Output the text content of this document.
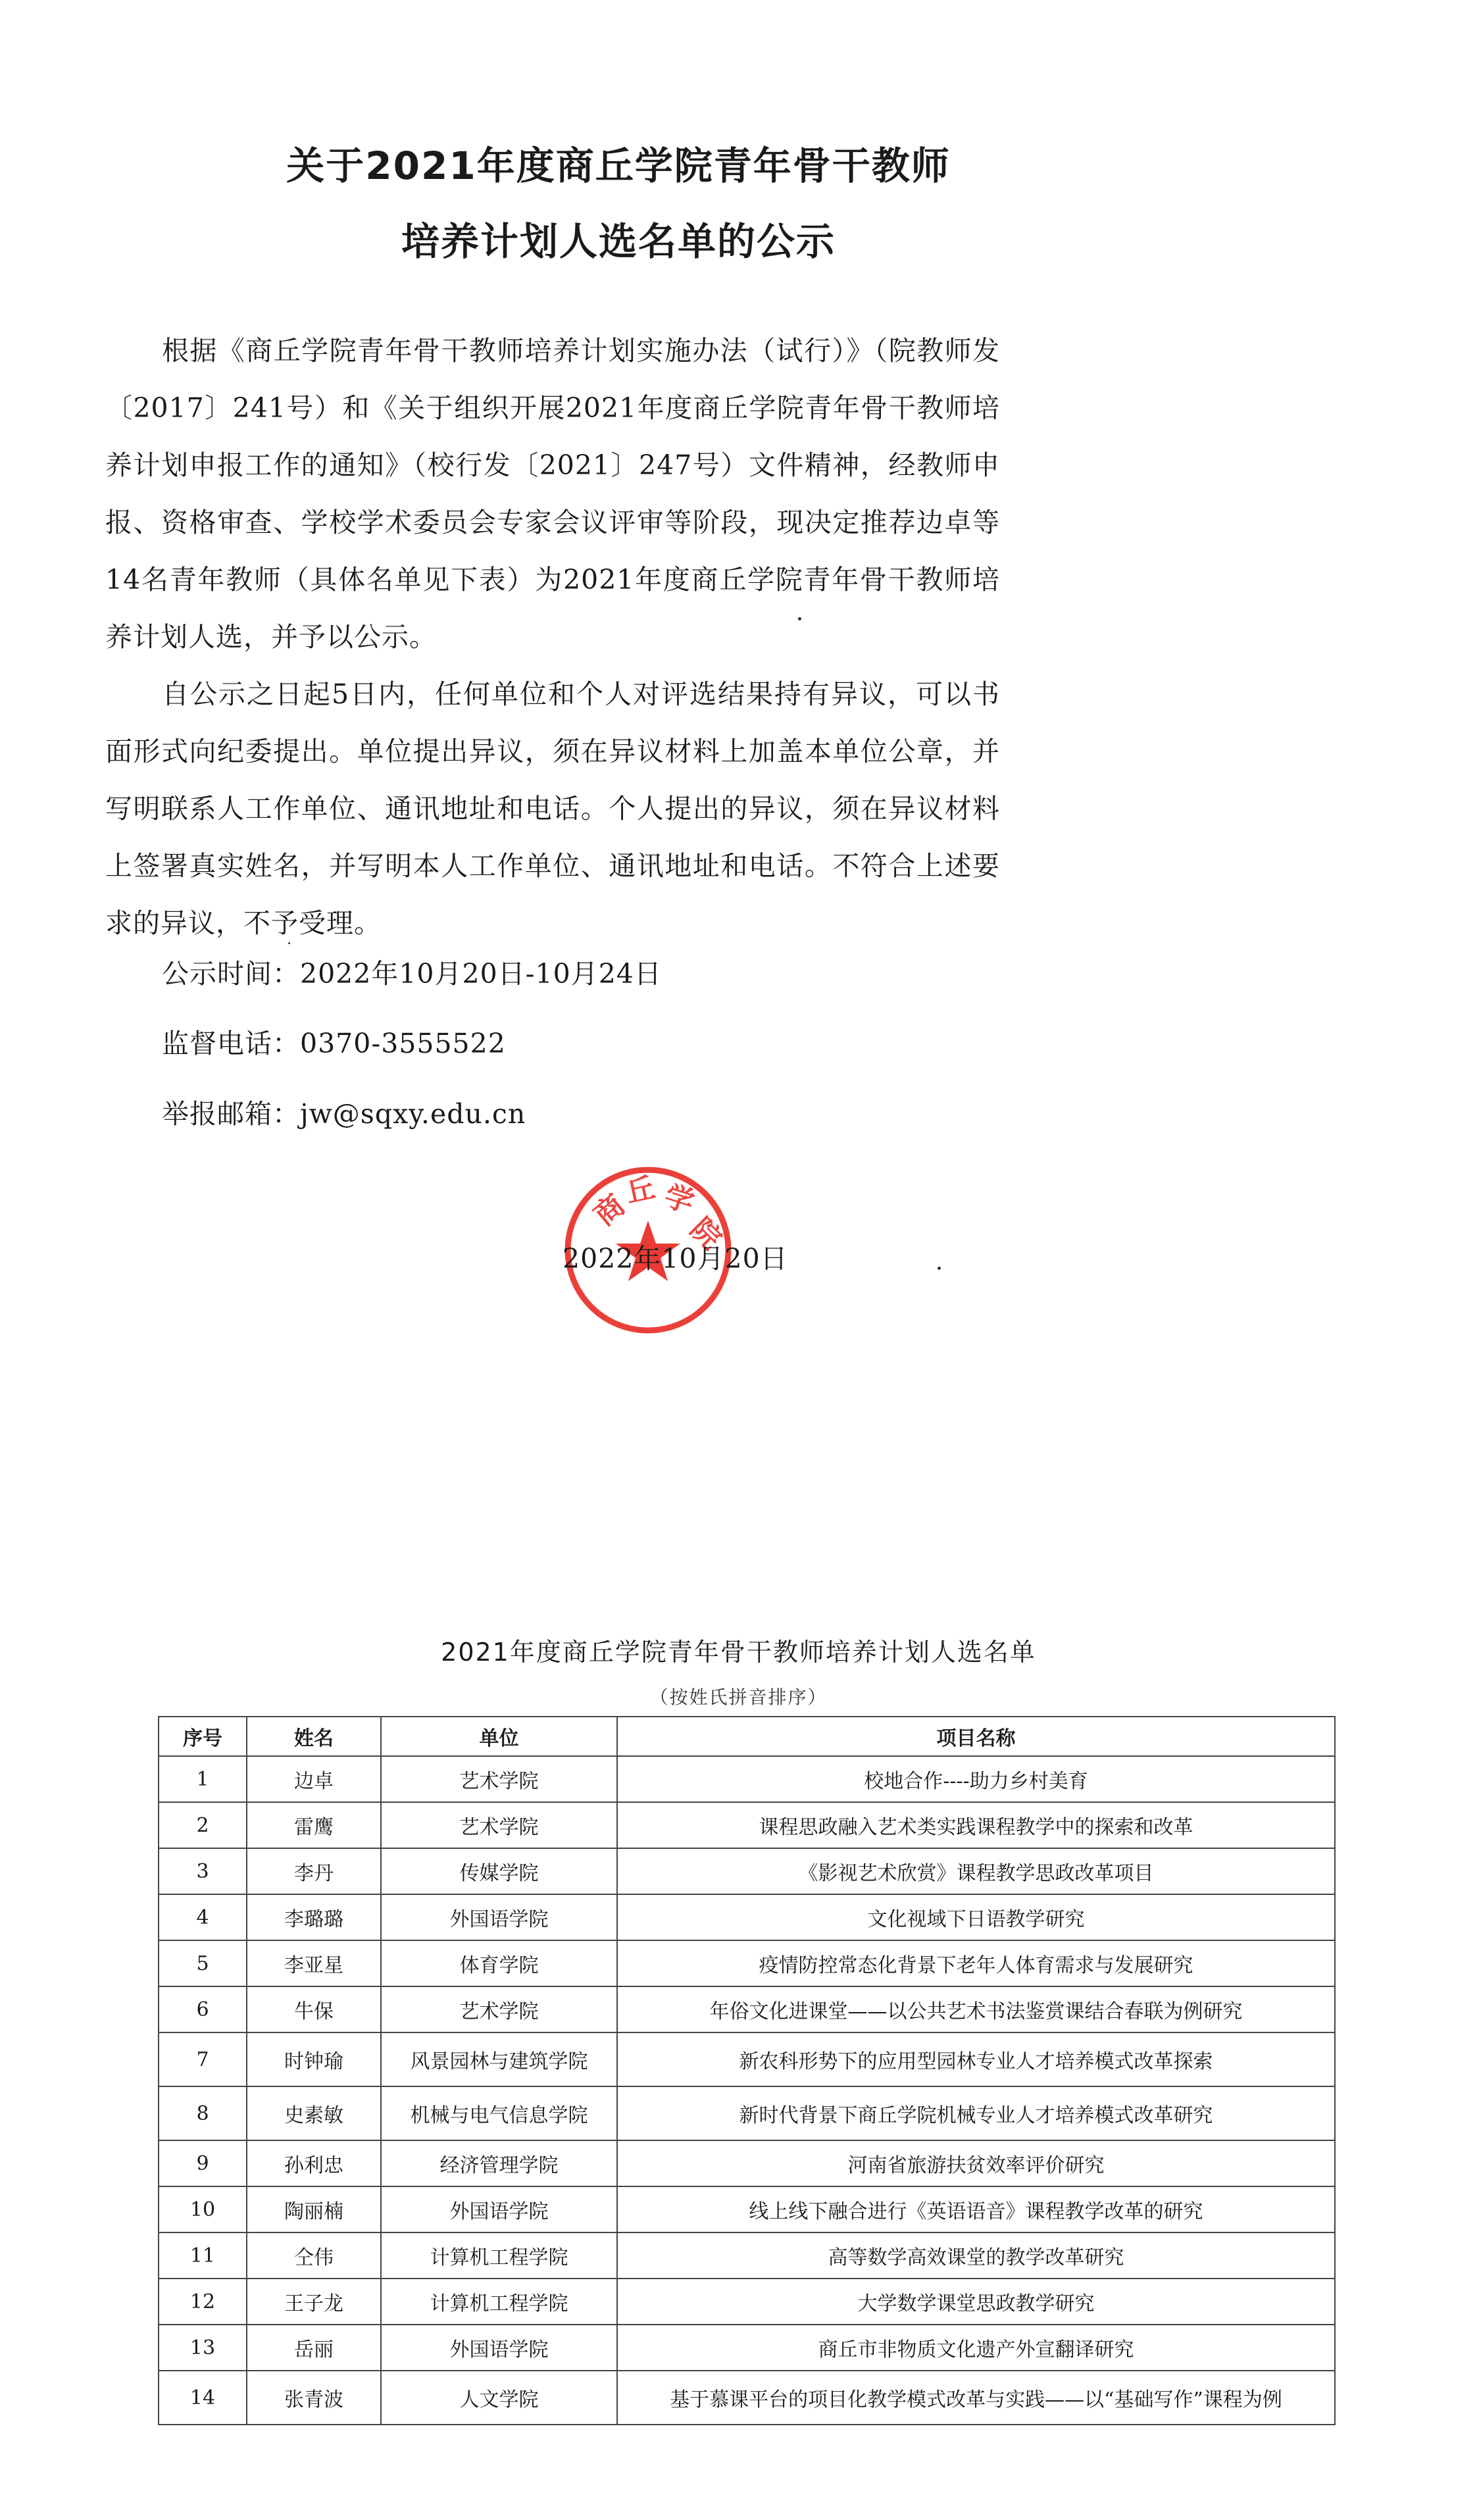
关于2021年度商丘学院青年骨干教师
培养计划人选名单的公示

根据《商丘学院青年骨干教师培养计划实施办法（试行）》（院教师发〔2017〕241号）和《关于组织开展2021年度商丘学院青年骨干教师培养计划申报工作的通知》（校行发〔2021〕247号）文件精神，经教师申报、资格审查、学校学术委员会专家会议评审等阶段，现决定推荐边卓等14名青年教师（具体名单见下表）为2021年度商丘学院青年骨干教师培养计划人选，并予以公示。

自公示之日起5日内，任何单位和个人对评选结果持有异议，可以书面形式向纪委提出。单位提出异议，须在异议材料上加盖本单位公章，并写明联系人工作单位、通讯地址和电话。个人提出的异议，须在异议材料上签署真实姓名，并写明本人工作单位、通讯地址和电话。不符合上述要求的异议，不予受理。

公示时间：2022年10月20日-10月24日
监督电话：0370-3555522
举报邮箱：jw@sqxy.edu.cn
商
丘 学
院
2022年10月20日
2021年度商丘学院青年骨干教师培养计划人选名单
（按姓氏拼音排序）
序号	姓名	单位	项目名称
1	边卓	艺术学院	校地合作----助力乡村美育
2	雷鹰	艺术学院	课程思政融入艺术类实践课程教学中的探索和改革
3	李丹	传媒学院	《影视艺术欣赏》课程教学思政改革项目
4	李璐璐	外国语学院	文化视域下日语教学研究
5	李亚星	体育学院	疫情防控常态化背景下老年人体育需求与发展研究
6	牛保	艺术学院	年俗文化进课堂——以公共艺术书法鉴赏课结合春联为例研究
7	时钟瑜	风景园林与建筑学院	新农科形势下的应用型园林专业人才培养模式改革探索
8	史素敏	机械与电气信息学院	新时代背景下商丘学院机械专业人才培养模式改革研究
9	孙利忠	经济管理学院	河南省旅游扶贫效率评价研究
10	陶丽楠	外国语学院	线上线下融合进行《英语语音》课程教学改革的研究
11	仝伟	计算机工程学院	高等数学高效课堂的教学改革研究
12	王子龙	计算机工程学院	大学数学课堂思政教学研究
13	岳丽	外国语学院	商丘市非物质文化遗产外宣翻译研究
14	张青波	人文学院	基于慕课平台的项目化教学模式改革与实践——以“基础写作”课程为例
